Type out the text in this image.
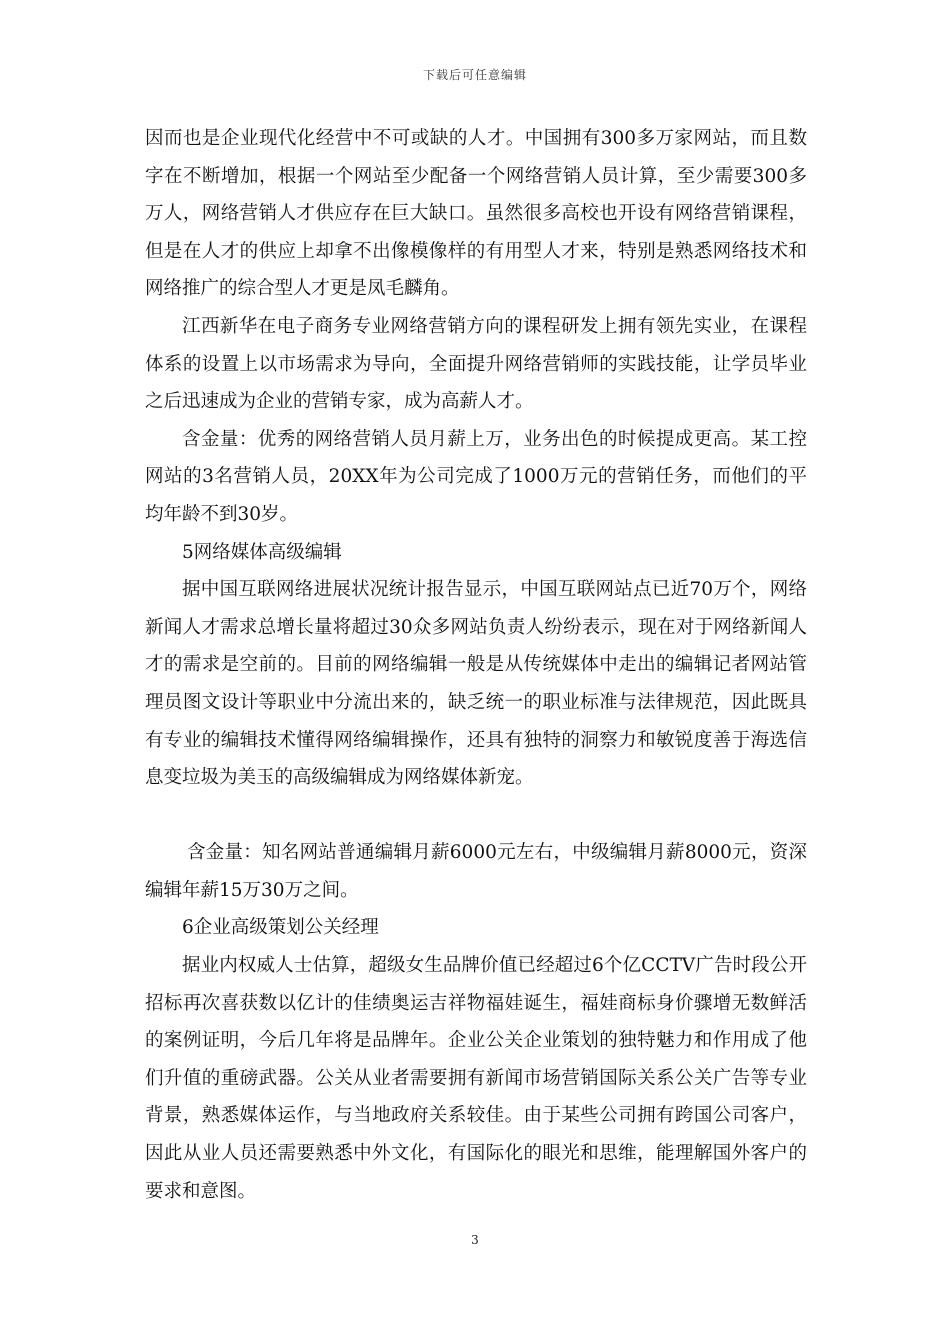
下载后可任意编辑

因而也是企业现代化经营中不可或缺的人才。中国拥有300多万家网站，而且数字在不断增加，根据一个网站至少配备一个网络营销人员计算，至少需要300多万人，网络营销人才供应存在巨大缺口。虽然很多高校也开设有网络营销课程，但是在人才的供应上却拿不出像模像样的有用型人才来，特别是熟悉网络技术和网络推广的综合型人才更是凤毛麟角。

江西新华在电子商务专业网络营销方向的课程研发上拥有领先实业，在课程体系的设置上以市场需求为导向，全面提升网络营销师的实践技能，让学员毕业之后迅速成为企业的营销专家，成为高薪人才。

含金量：优秀的网络营销人员月薪上万，业务出色的时候提成更高。某工控网站的3名营销人员，20XX年为公司完成了1000万元的营销任务，而他们的平均年龄不到30岁。

5网络媒体高级编辑

据中国互联网络进展状况统计报告显示，中国互联网站点已近70万个，网络新闻人才需求总增长量将超过30众多网站负责人纷纷表示，现在对于网络新闻人才的需求是空前的。目前的网络编辑一般是从传统媒体中走出的编辑记者网站管理员图文设计等职业中分流出来的，缺乏统一的职业标准与法律规范，因此既具有专业的编辑技术懂得网络编辑操作，还具有独特的洞察力和敏锐度善于海选信息变垃圾为美玉的高级编辑成为网络媒体新宠。

含金量：知名网站普通编辑月薪6000元左右，中级编辑月薪8000元，资深编辑年薪15万30万之间。

6企业高级策划公关经理

据业内权威人士估算，超级女生品牌价值已经超过6个亿CCTV广告时段公开招标再次喜获数以亿计的佳绩奥运吉祥物福娃诞生，福娃商标身价骤增无数鲜活的案例证明，今后几年将是品牌年。企业公关企业策划的独特魅力和作用成了他们升值的重磅武器。公关从业者需要拥有新闻市场营销国际关系公关广告等专业背景，熟悉媒体运作，与当地政府关系较佳。由于某些公司拥有跨国公司客户，因此从业人员还需要熟悉中外文化，有国际化的眼光和思维，能理解国外客户的要求和意图。

3
